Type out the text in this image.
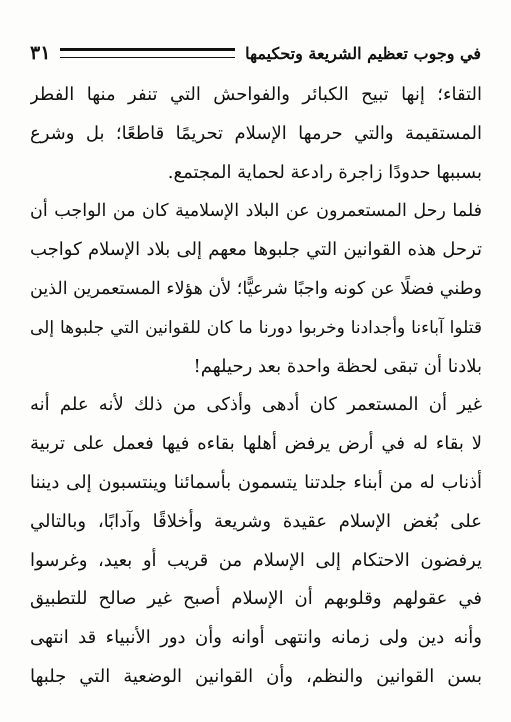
في وجوب تعظيم الشريعة وتحكيمها
٣١
التقاء؛ إنها تبيح الكبائر والفواحش التي تنفر منها الفطر
المستقيمة والتي حرمها الإسلام تحريمًا قاطعًا؛ بل وشرع
بسببها حدودًا زاجرة رادعة لحماية المجتمع.
فلما رحل المستعمرون عن البلاد الإسلامية كان من الواجب أن
ترحل هذه القوانين التي جلبوها معهم إلى بلاد الإسلام كواجب
وطني فضلًا عن كونه واجبًا شرعيًّا؛ لأن هؤلاء المستعمرين الذين
قتلوا آباءنا وأجدادنا وخربوا دورنا ما كان للقوانين التي جلبوها إلى
بلادنا أن تبقى لحظة واحدة بعد رحيلهم!
غير أن المستعمر كان أدهى وأذكى من ذلك لأنه علم أنه
لا بقاء له في أرض يرفض أهلها بقاءه فيها فعمل على تربية
أذناب له من أبناء جلدتنا يتسمون بأسمائنا وينتسبون إلى ديننا
على بُغض الإسلام عقيدة وشريعة وأخلاقًا وآدابًا، وبالتالي
يرفضون الاحتكام إلى الإسلام من قريب أو بعيد، وغرسوا
في عقولهم وقلوبهم أن الإسلام أصبح غير صالح للتطبيق
وأنه دين ولى زمانه وانتهى أوانه وأن دور الأنبياء قد انتهى
بسن القوانين والنظم، وأن القوانين الوضعية التي جلبها
